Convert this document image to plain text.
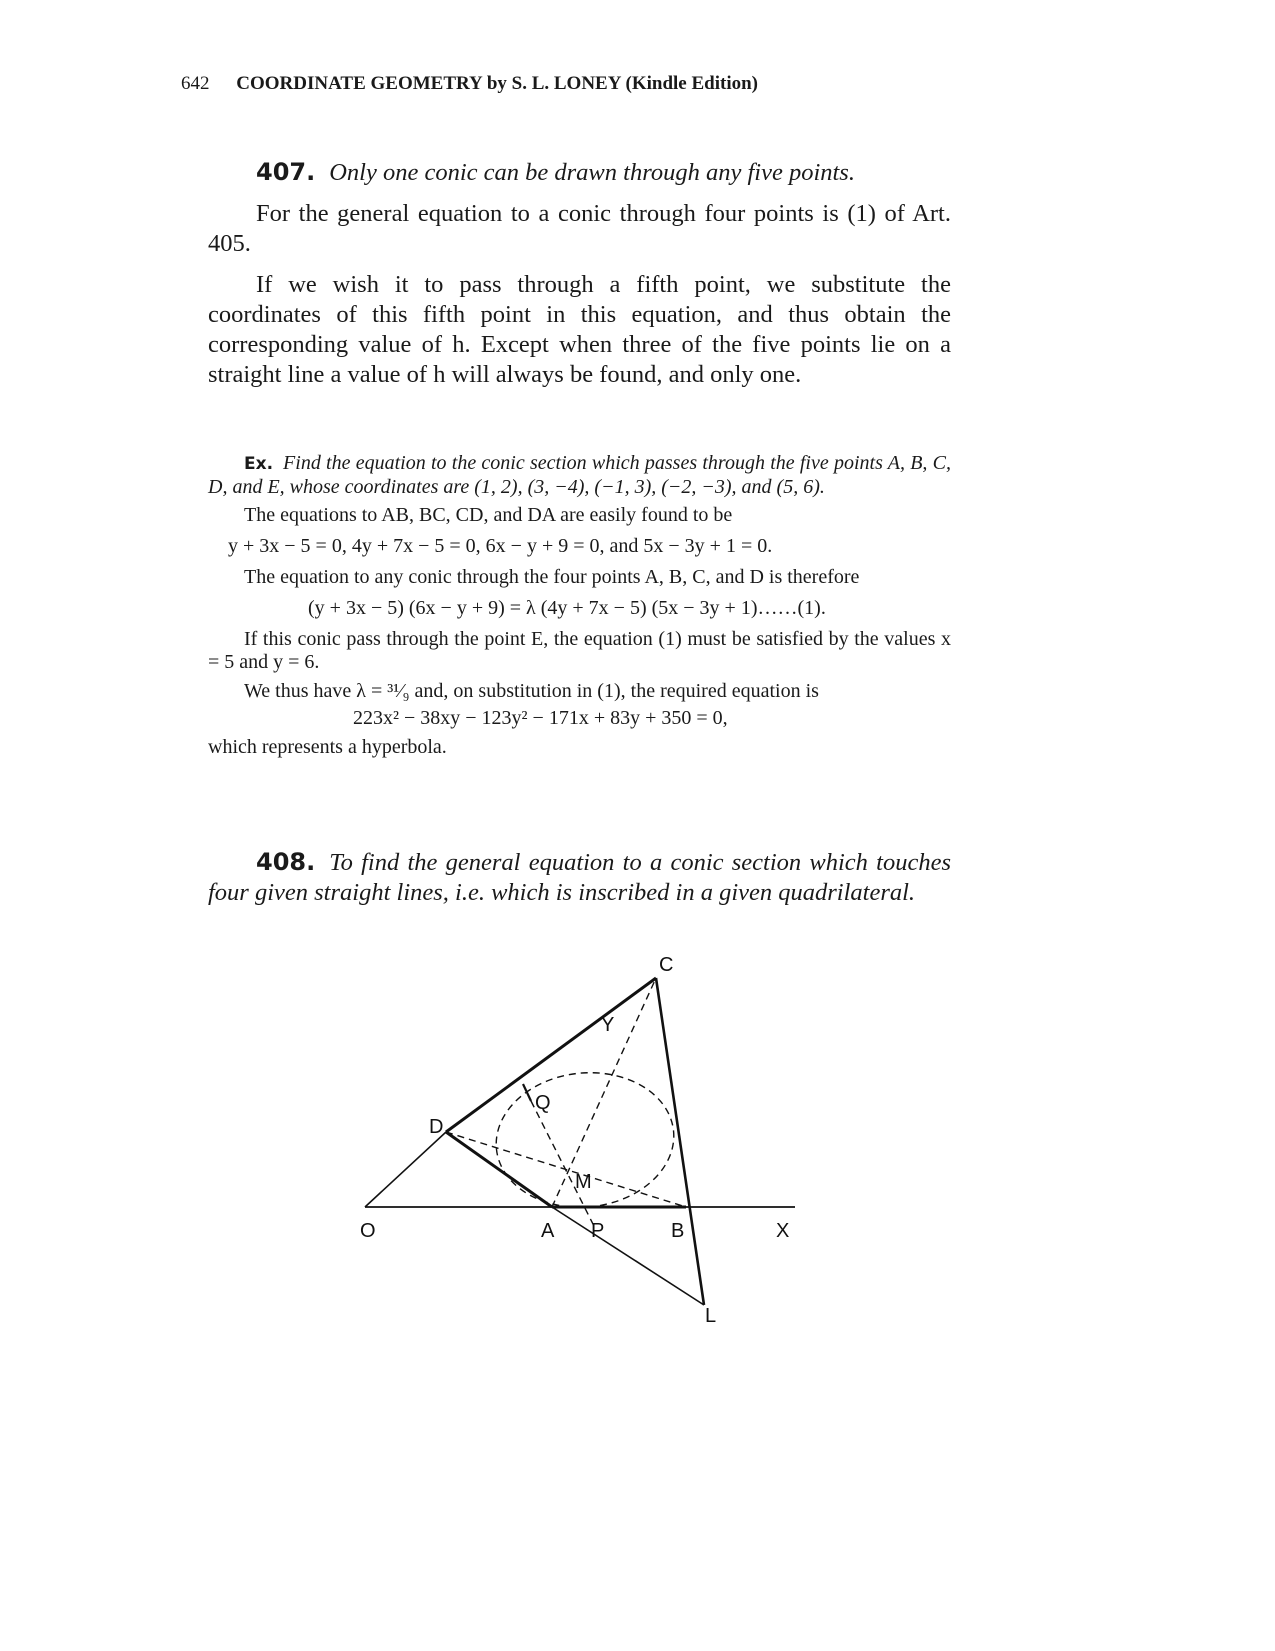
642 COORDINATE GEOMETRY by S. L. LONEY (Kindle Edition)

407. Only one conic can be drawn through any five points.

For the general equation to a conic through four points is (1) of Art. 405.

If we wish it to pass through a fifth point, we substitute the coordinates of this fifth point in this equation, and thus obtain the corresponding value of h. Except when three of the five points lie on a straight line a value of h will always be found, and only one.

Ex. Find the equation to the conic section which passes through the five points A, B, C, D, and E, whose coordinates are (1, 2), (3, −4), (−1, 3), (−2, −3), and (5, 6).

The equations to AB, BC, CD, and DA are easily found to be

y + 3x − 5 = 0, 4y + 7x − 5 = 0, 6x − y + 9 = 0, and 5x − 3y + 1 = 0.

The equation to any conic through the four points A, B, C, and D is therefore

(y + 3x − 5) (6x − y + 9) = λ (4y + 7x − 5) (5x − 3y + 1)……(1).

If this conic pass through the point E, the equation (1) must be satisfied by the values x = 5 and y = 6.

We thus have λ = ³¹⁄₉ and, on substitution in (1), the required equation is

223x² − 38xy − 123y² − 171x + 83y + 350 = 0,

which represents a hyperbola.

408. To find the general equation to a conic section which touches four given straight lines, i.e. which is inscribed in a given quadrilateral.

C
Y
Q
D
M
O	A P	B	X
L
